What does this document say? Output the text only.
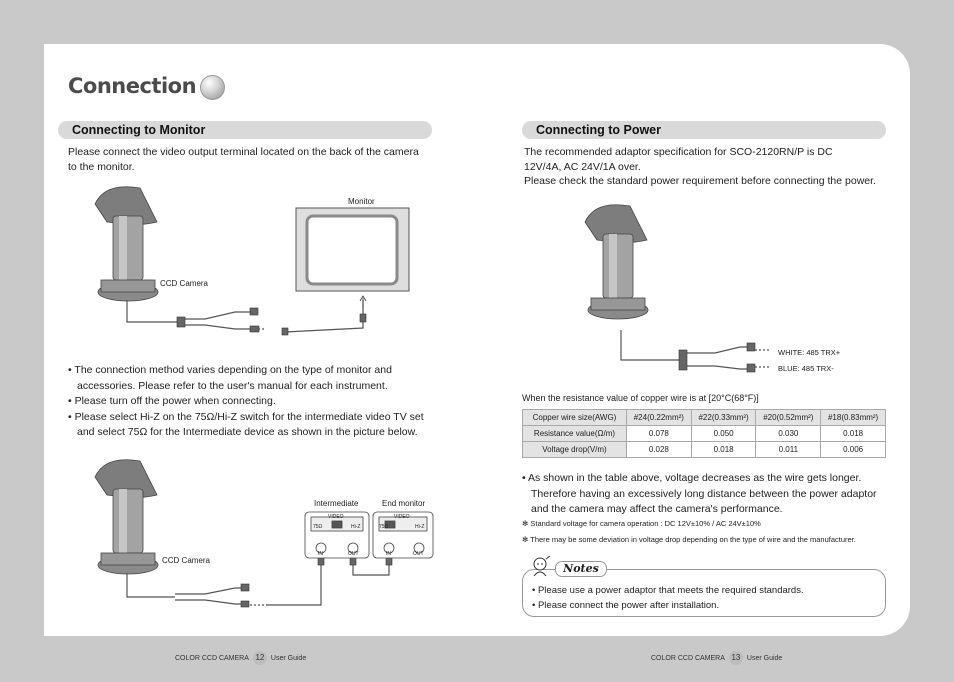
Connection
Connecting to Monitor
Please connect the video output terminal located on the back of the camera to the monitor.
Monitor
CCD Camera
• The connection method varies depending on the type of monitor and accessories. Please refer to the user's manual for each instrument.
• Please turn off the power when connecting.
• Please select Hi-Z on the 75Ω/Hi-Z switch for the intermediate video TV set and select 75Ω for the Intermediate device as shown in the picture below.
CCD Camera
Intermediate	End monitor
VIDEO
75Ω	Hi-Z
IN	OUT
VIDEO
75Ω	Hi-Z
IN	OUT
Connecting to Power
The recommended adaptor specification for SCO-2120RN/P is DC 12V/4A, AC 24V/1A over.
Please check the standard power requirement before connecting the power.
WHITE: 485 TRX+
BLUE: 485 TRX-
When the resistance value of copper wire is at [20°C(68°F)]
Copper wire size(AWG)	#24(0.22mm²)	#22(0.33mm²)	#20(0.52mm²)	#18(0.83mm²)
Resistance value(Ω/m)	0.078	0.050	0.030	0.018
Voltage drop(V/m)	0.028	0.018	0.011	0.006
• As shown in the table above, voltage decreases as the wire gets longer. Therefore having an excessively long distance between the power adaptor and the camera may affect the camera's performance.
✻ Standard voltage for camera operation : DC 12V±10% / AC 24V±10%
✻ There may be some deviation in voltage drop depending on the type of wire and the manufacturer.
Notes
• Please use a power adaptor that meets the required standards.
• Please connect the power after installation.
COLOR CCD CAMERA 12 User Guide	COLOR CCD CAMERA 13 User Guide
